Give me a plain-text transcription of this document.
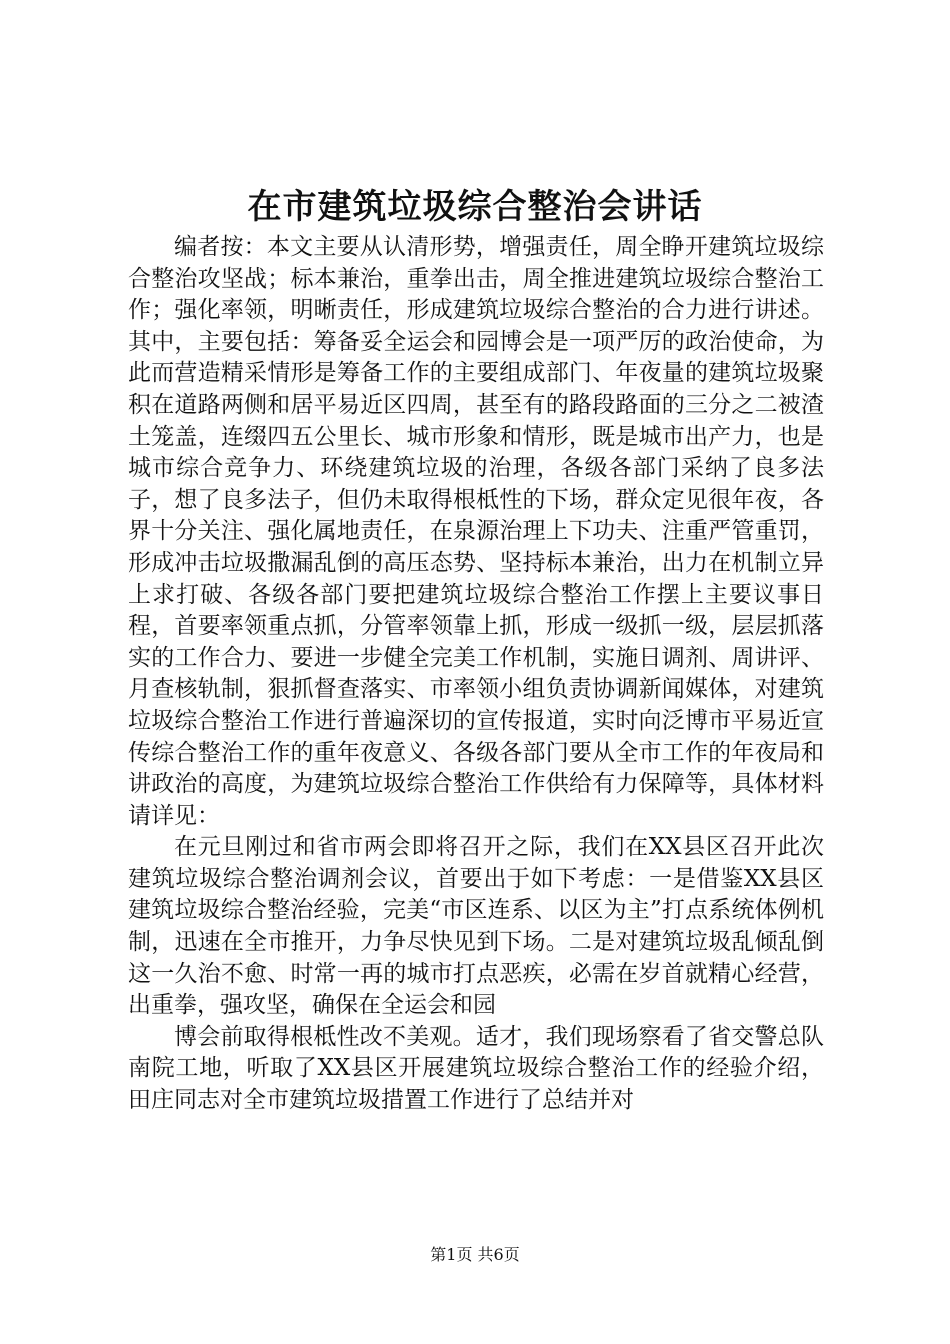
在市建筑垃圾综合整治会讲话

编者按：本文主要从认清形势，增强责任，周全睁开建筑垃圾综合整治攻坚战；标本兼治，重拳出击，周全推进建筑垃圾综合整治工作；强化率领，明晰责任，形成建筑垃圾综合整治的合力进行讲述。其中，主要包括：筹备妥全运会和园博会是一项严厉的政治使命，为此而营造精采情形是筹备工作的主要组成部门、年夜量的建筑垃圾聚积在道路两侧和居平易近区四周，甚至有的路段路面的三分之二被渣土笼盖，连缀四五公里长、城市形象和情形，既是城市出产力，也是城市综合竞争力、环绕建筑垃圾的治理，各级各部门采纳了良多法子，想了良多法子，但仍未取得根柢性的下场，群众定见很年夜，各界十分关注、强化属地责任，在泉源治理上下功夫、注重严管重罚，形成冲击垃圾撒漏乱倒的高压态势、坚持标本兼治，出力在机制立异上求打破、各级各部门要把建筑垃圾综合整治工作摆上主要议事日程，首要率领重点抓，分管率领靠上抓，形成一级抓一级，层层抓落实的工作合力、要进一步健全完美工作机制，实施日调剂、周讲评、月查核轨制，狠抓督查落实、市率领小组负责协调新闻媒体，对建筑垃圾综合整治工作进行普遍深切的宣传报道，实时向泛博市平易近宣传综合整治工作的重年夜意义、各级各部门要从全市工作的年夜局和讲政治的高度，为建筑垃圾综合整治工作供给有力保障等，具体材料请详见：

在元旦刚过和省市两会即将召开之际，我们在XX县区召开此次建筑垃圾综合整治调剂会议，首要出于如下考虑：一是借鉴XX县区建筑垃圾综合整治经验，完美“市区连系、以区为主”打点系统体例机制，迅速在全市推开，力争尽快见到下场。二是对建筑垃圾乱倾乱倒这一久治不愈、时常一再的城市打点恶疾，必需在岁首就精心经营，出重拳，强攻坚，确保在全运会和园

博会前取得根柢性改不美观。适才，我们现场察看了省交警总队南院工地，听取了XX县区开展建筑垃圾综合整治工作的经验介绍，田庄同志对全市建筑垃圾措置工作进行了总结并对

第1页 共6页
